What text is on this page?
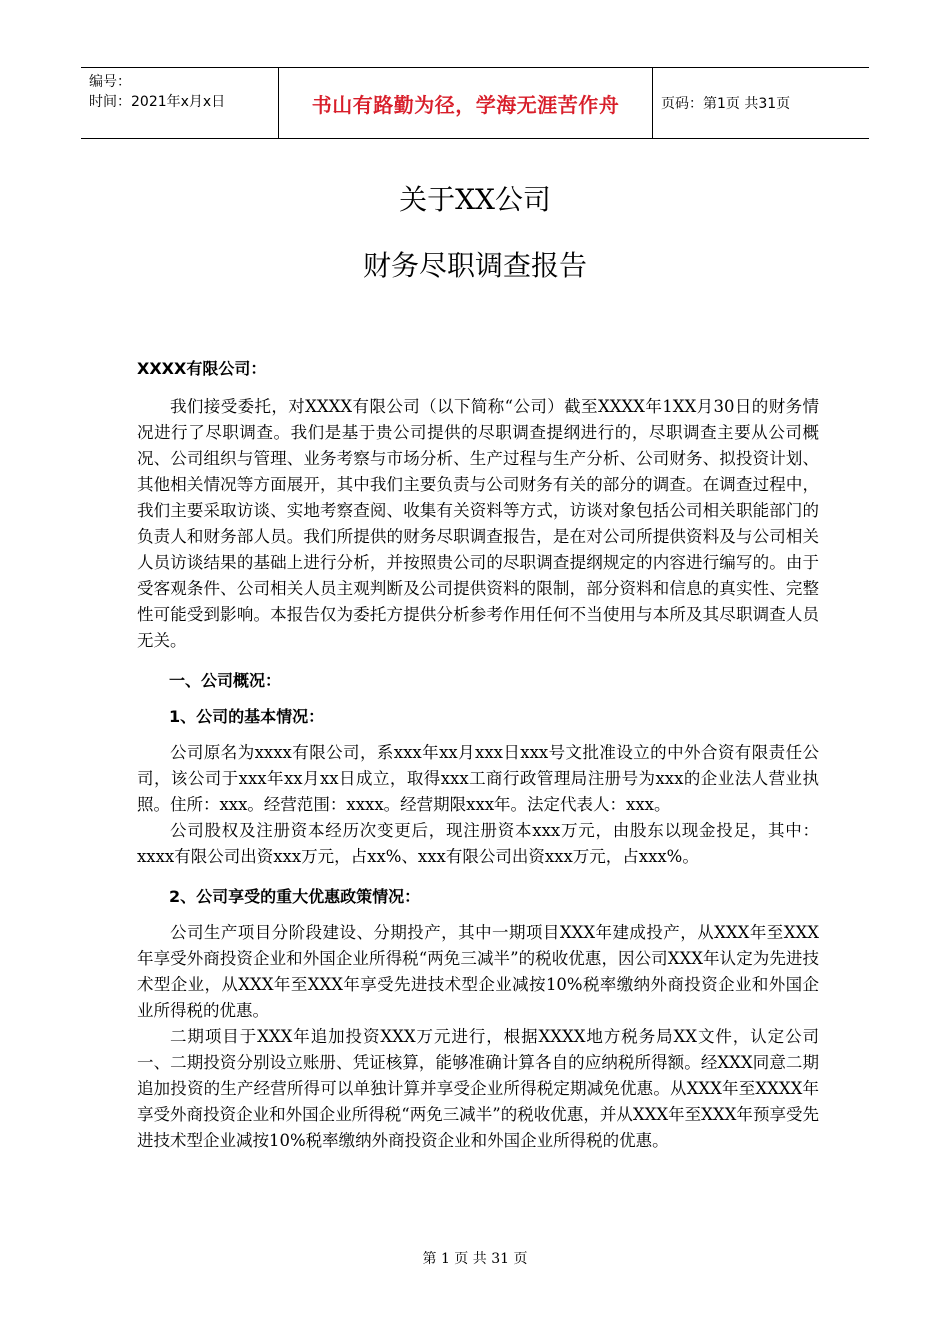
编号：
时间：2021年x月x日	书山有路勤为径，学海无涯苦作舟	页码：第1页 共31页
关于XX公司
财务尽职调查报告

XXXX有限公司：

我们接受委托，对XXXX有限公司（以下简称“公司）截至XXXX年1XX月30日的财务情况进行了尽职调查。我们是基于贵公司提供的尽职调查提纲进行的，尽职调查主要从公司概况、公司组织与管理、业务考察与市场分析、生产过程与生产分析、公司财务、拟投资计划、其他相关情况等方面展开，其中我们主要负责与公司财务有关的部分的调查。在调查过程中，我们主要采取访谈、实地考察查阅、收集有关资料等方式，访谈对象包括公司相关职能部门的负责人和财务部人员。我们所提供的财务尽职调查报告，是在对公司所提供资料及与公司相关人员访谈结果的基础上进行分析，并按照贵公司的尽职调查提纲规定的内容进行编写的。由于受客观条件、公司相关人员主观判断及公司提供资料的限制，部分资料和信息的真实性、完整性可能受到影响。本报告仅为委托方提供分析参考作用任何不当使用与本所及其尽职调查人员无关。

一、公司概况：

1、公司的基本情况：

公司原名为xxxx有限公司，系xxx年xx月xxx日xxx号文批准设立的中外合资有限责任公司，该公司于xxx年xx月xx日成立，取得xxx工商行政管理局注册号为xxx的企业法人营业执照。住所：xxx。经营范围：xxxx。经营期限xxx年。法定代表人：xxx。

公司股权及注册资本经历次变更后，现注册资本xxx万元，由股东以现金投足，其中：xxxx有限公司出资xxx万元，占xx%、xxx有限公司出资xxx万元，占xxx%。

2、公司享受的重大优惠政策情况：

公司生产项目分阶段建设、分期投产，其中一期项目XXX年建成投产，从XXX年至XXX年享受外商投资企业和外国企业所得税“两免三减半”的税收优惠，因公司XXX年认定为先进技术型企业，从XXX年至XXX年享受先进技术型企业减按10%税率缴纳外商投资企业和外国企业所得税的优惠。

二期项目于XXX年追加投资XXX万元进行，根据XXXX地方税务局XX文件，认定公司一、二期投资分别设立账册、凭证核算，能够准确计算各自的应纳税所得额。经XXX同意二期追加投资的生产经营所得可以单独计算并享受企业所得税定期减免优惠。从XXX年至XXXX年享受外商投资企业和外国企业所得税“两免三减半”的税收优惠，并从XXX年至XXX年预享受先进技术型企业减按10%税率缴纳外商投资企业和外国企业所得税的优惠。

第 1 页 共 31 页
